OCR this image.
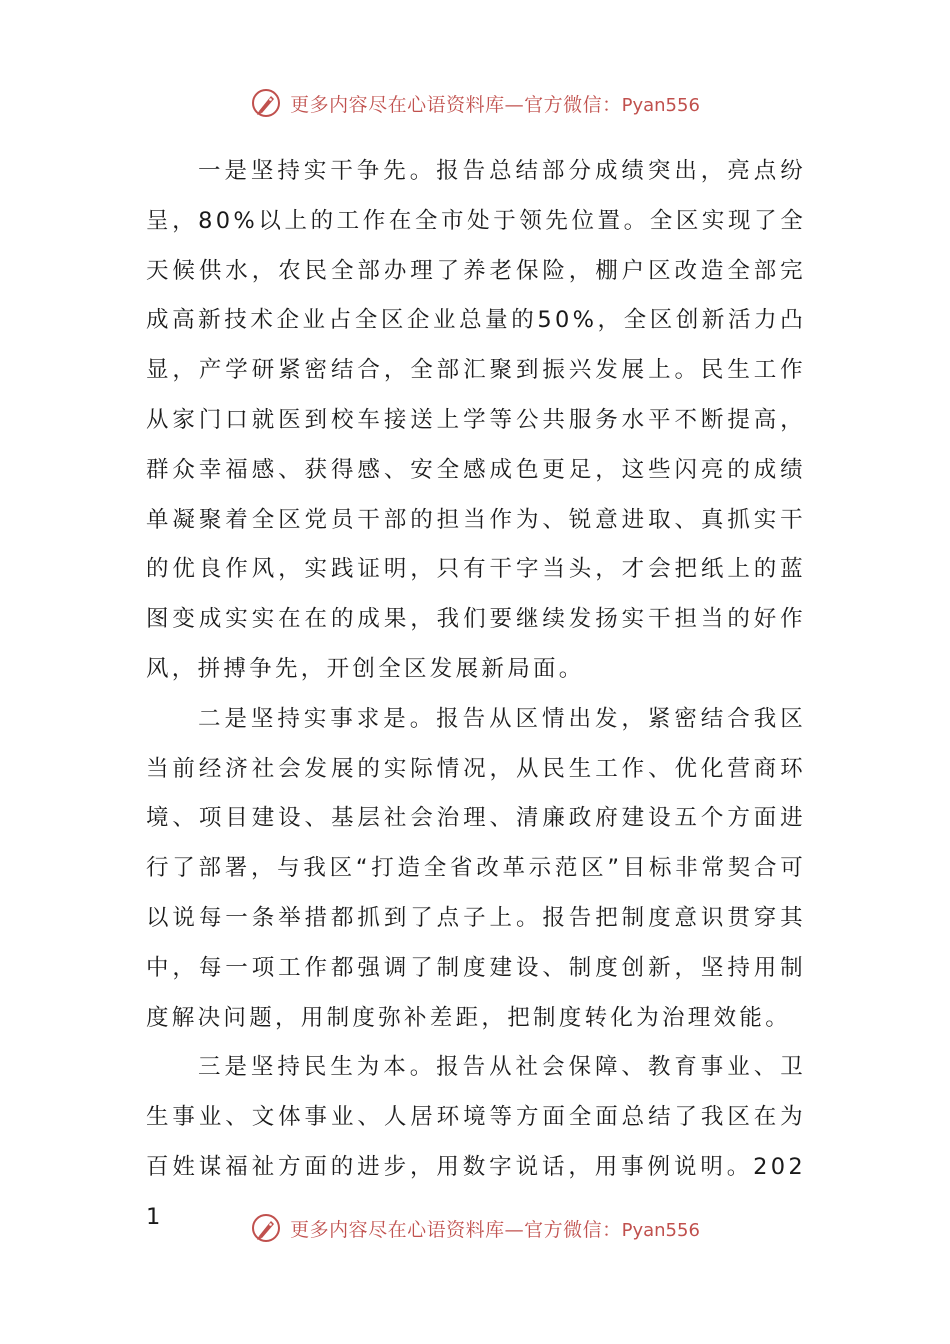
更多内容尽在心语资料库—官方微信：Pyan556

一是坚持实干争先。报告总结部分成绩突出，亮点纷呈，80%以上的工作在全市处于领先位置。全区实现了全天候供水，农民全部办理了养老保险，棚户区改造全部完成高新技术企业占全区企业总量的50%，全区创新活力凸显，产学研紧密结合，全部汇聚到振兴发展上。民生工作从家门口就医到校车接送上学等公共服务水平不断提高，群众幸福感、获得感、安全感成色更足，这些闪亮的成绩单凝聚着全区党员干部的担当作为、锐意进取、真抓实干的优良作风，实践证明，只有干字当头，才会把纸上的蓝图变成实实在在的成果，我们要继续发扬实干担当的好作风，拼搏争先，开创全区发展新局面。

二是坚持实事求是。报告从区情出发，紧密结合我区当前经济社会发展的实际情况，从民生工作、优化营商环境、项目建设、基层社会治理、清廉政府建设五个方面进行了部署，与我区“打造全省改革示范区”目标非常契合可以说每一条举措都抓到了点子上。报告把制度意识贯穿其中，每一项工作都强调了制度建设、制度创新，坚持用制度解决问题，用制度弥补差距，把制度转化为治理效能。

三是坚持民生为本。报告从社会保障、教育事业、卫生事业、文体事业、人居环境等方面全面总结了我区在为百姓谋福祉方面的进步，用数字说话，用事例说明。2021	更多内容尽在心语资料库—官方微信：Pyan556
